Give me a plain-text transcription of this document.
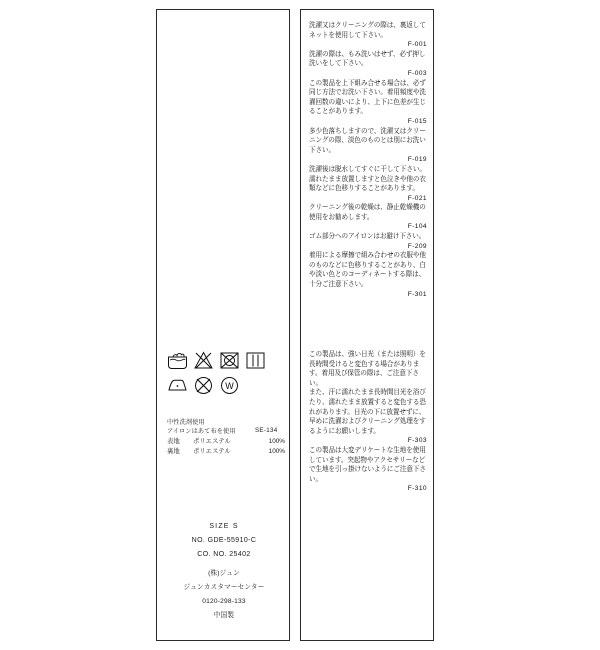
W
中性洗剤使用
アイロンはあて布を使用	SE-134
表地	ポリエステル	100%
裏地	ポリエステル	100%
SIZE S
NO. GDE-55910-C
CO. NO. 25402
(株)ジュン
ジュンカスタマーセンター
0120-298-133
中国製

洗濯又はクリーニングの際は、裏返してネットを使用して下さい。
F-001

洗濯の際は、もみ洗いはせず、必ず押し洗いをして下さい。
F-003

この製品を上下組み合せる場合は、必ず同じ方法でお洗い下さい。着用頻度や洗濯回数の違いにより、上下に色差が生じることがあります。
F-015

多少色落ちしますので、洗濯又はクリーニングの際、淡色のものとは別にお洗い下さい。
F-019

洗濯後は脱水してすぐに干して下さい。濡れたまま放置しますと色泣きや他の衣類などに色移りすることがあります。
F-021

クリーニング後の乾燥は、静止乾燥機の使用をお勧めします。
F-104

ゴム部分へのアイロンはお避け下さい。
F-209

着用による摩擦で組み合わせの衣服や他のものなどに色移りすることがあり、白や淡い色とのコーディネートする際は、十分ご注意下さい。
F-301

この製品は、強い日光（または照明）を長時間受けると変色する場合があります。着用及び保管の際は、ご注意下さい。

また、汗に濡れたまま長時間目光を浴びたり、濡れたまま放置すると変色する恐れがあります。日光の下に放置せずに、早めに洗濯およびクリーニング処理をするようにお願いします。
F-303

この製品は大変デリケートな生地を使用しています。突起物やアクセサリーなどで生地を引っ掛けないようにご注意下さい。
F-310
